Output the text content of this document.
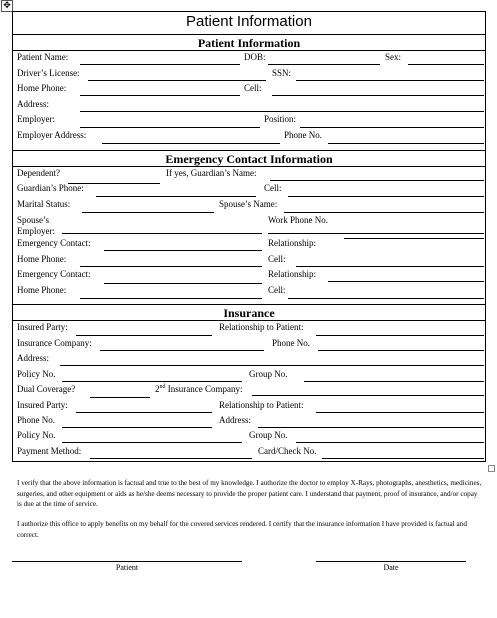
✥
Patient Information
Patient Information
Patient Name:	DOB:	Sex:
Driver’s License:	SSN:
Home Phone:	Cell:
Address:
Employer:	Position:
Employer Address:	Phone No.
Emergency Contact Information
Dependent?	If yes, Guardian’s Name:
Guardian’s Phone:	Cell:
Marital Status:	Spouse’s Name:
Spouse’s
Employer:
Work Phone No.
Emergency Contact:	Relationship:
Home Phone:	Cell:
Emergency Contact:	Relationship:
Home Phone:	Cell:
Insurance
Insured Party:	Relationship to Patient:
Insurance Company:	Phone No.
Address:
Policy No.	Group No.
Dual Coverage?	2nd Insurance Company:
Insured Party:	Relationship to Patient:
Phone No.	Address:
Policy No.	Group No.
Payment Method:	Card/Check No.
I verify that the above information is factual and true to the best of my knowledge. I authorize the doctor to employ X-Rays, photographs, anesthetics, medicines, surgeries, and other equipment or aids as he/she deems necessary to provide the proper patient care. I understand that payment, proof of insurance, and/or copay is due at the time of service.
I authorize this office to apply benefits on my behalf for the covered services rendered. I certify that the insurance information I have provided is factual and correct.
Patient	Date
